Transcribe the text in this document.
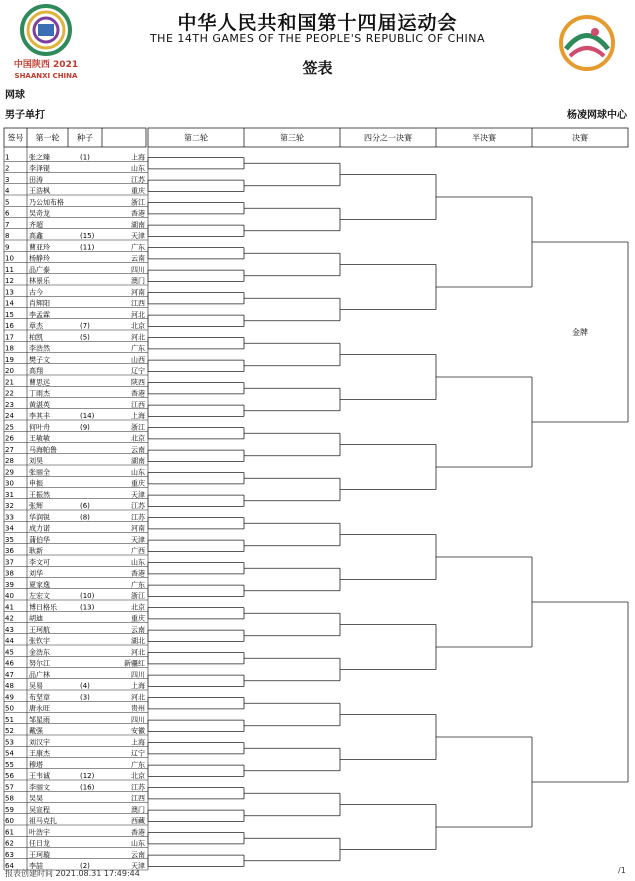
中国陕西 2021
SHAANXI CHINA
中华人民共和国第十四届运动会
THE 14TH GAMES OF THE PEOPLE'S REPUBLIC OF CHINA
签表
网球
男子单打	杨凌网球中心
签号 第一轮 种子	第二轮	第三轮	四分之一决赛	半决赛	决赛
1	张之臻	(1)	上海
2	李泽锟	山东
3	田涛	江苏
4	王浩枫	重庆
5	乃公加布格	浙江
6	吴奇龙	香港
7	齐超	湖南
8	高鑫	(15)	天津
9	曹亚玲	(11)	广东
10 杨静玲	云南
11 品广泰	四川
12 林景乐	澳门
13 古今	河南
14 肖辉阳	江西
15 李孟霖	河北
16 章杰	(7)	北京
17 柏凯	(5)	河北
18 李浩然	广东
19 樊子文	山西
20 高翔	辽宁
21 曹思远	陕西
22 丁雨杰	香港
23 黄湛英	江西
24 李其丰	(14)	上海
25 何叶舟	(9)	浙江
26 王敏敏	北京
27 马海帕鲁	云南
28 刘昊	湖南
29 张丽全	山东
30 申振	重庆
31 王振然	天津
32 张辉	(6)	江苏
33 华润锐	(8)	江苏
34 成力诺	河南
35 蒲伯华	天津
36 耿新	广西
37 李文可	山东
38 刘华	香港
39 夏家逸	广东
40 左宏文	(10)	浙江
41 博日格乐	(13)	北京
42 胡迪	重庆
43 王珂航	云南
44 张钦宇	湖北
45 金浩东	河北
46 努尔江	新疆红
47 品广林	四川
48 吴易	(4)	上海
49 布坚章	(3)	河北
50 唐永旺	贵州
51 邹星雨	四川
52 戴强	安徽
53 刘汉宇	上海
54 王康杰	辽宁
55 穆塔	广东
56 王韦诚	(12)	北京
57 李丽文	(16)	江苏
58 吴昊	江西
59 吴宣程	澳门
60 祖马克扎	西藏
61 叶浩宇	香港
62 任日龙	山东
63 王珂璇	云南
64 李喆	(2)	天津
金牌
报表创建时间 2021.08.31 17:49:44	/1
